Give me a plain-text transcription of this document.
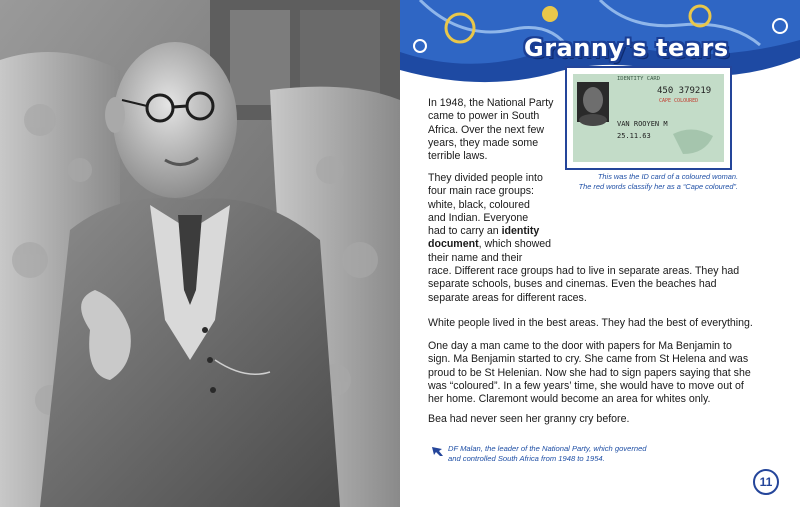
Granny's tears
In 1948, the National Party
came to power in South
Africa. Over the next few
years, they made some
terrible laws.
They divided people into
four main race groups:
white, black, coloured
and Indian. Everyone
had to carry an identity
document, which showed
their name and their
race. Different race groups had to live in separate areas. They had
separate schools, buses and cinemas. Even the beaches had
separate areas for different races.
White people lived in the best areas. They had the best of everything.
One day a man came to the door with papers for Ma Benjamin to
sign. Ma Benjamin started to cry. She came from St Helena and was
proud to be St Helenian. Now she had to sign papers saying that she
was “coloured”. In a few years’ time, she would have to move out of
her home. Claremont would become an area for whites only.
Bea had never seen her granny cry before.
IDENTITY CARD
450 379219
CAPE COLOURED
VAN ROOYEN M
25.11.63
This was the ID card of a coloured woman.
The red words classify her as a “Cape coloured”.
DF Malan, the leader of the National Party, which governed
and controlled South Africa from 1948 to 1954.
11
